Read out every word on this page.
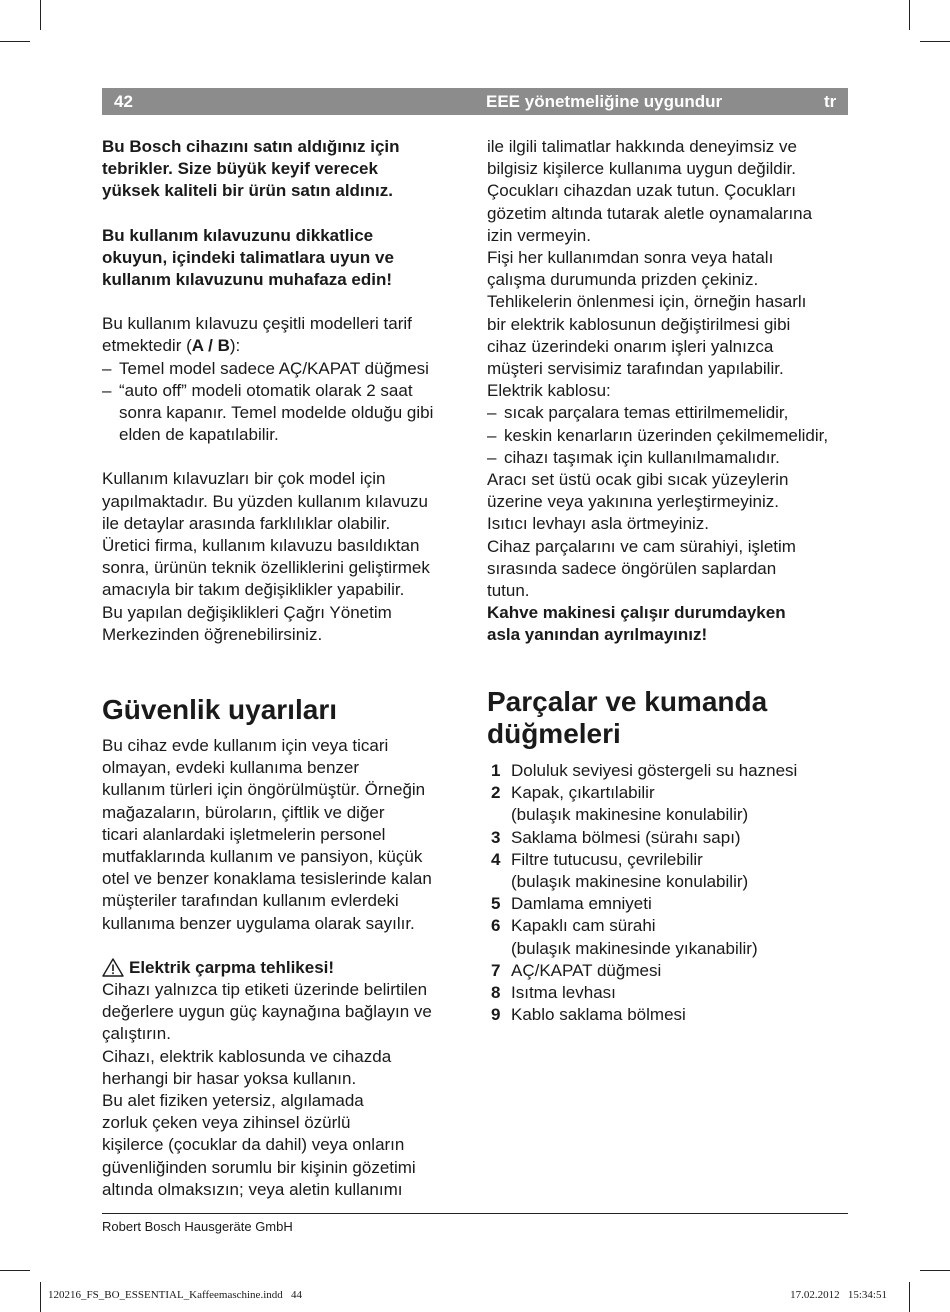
42	EEE yönetmeliğine uygundur	tr

Bu Bosch cihazını satın aldığınız için

tebrikler. Size büyük keyif verecek

yüksek kaliteli bir ürün satın aldınız.

Bu kullanım kılavuzunu dikkatlice

okuyun, içindeki talimatlara uyun ve

kullanım kılavuzunu muhafaza edin!

Bu kullanım kılavuzu çeşitli modelleri tarif

etmektedir (A / B):

– Temel model sadece AÇ/KAPAT düğmesi

– “auto off” modeli otomatik olarak 2 saat

sonra kapanır. Temel modelde olduğu gibi

elden de kapatılabilir.

Kullanım kılavuzları bir çok model için

yapılmaktadır. Bu yüzden kullanım kılavuzu

ile detaylar arasında farklılıklar olabilir.

Üretici firma, kullanım kılavuzu basıldıktan

sonra, ürünün teknik özelliklerini geliştirmek

amacıyla bir takım değişiklikler yapabilir.

Bu yapılan değişiklikleri Çağrı Yönetim

Merkezinden öğrenebilirsiniz.

Güvenlik uyarıları

Bu cihaz evde kullanım için veya ticari

olmayan, evdeki kullanıma benzer

kullanım türleri için öngörülmüştür. Örneğin

mağazaların, büroların, çiftlik ve diğer

ticari alanlardaki işletmelerin personel

mutfaklarında kullanım ve pansiyon, küçük

otel ve benzer konaklama tesislerinde kalan

müşteriler tarafından kullanım evlerdeki

kullanıma benzer uygulama olarak sayılır.

Elektrik çarpma tehlikesi!

Cihazı yalnızca tip etiketi üzerinde belirtilen

değerlere uygun güç kaynağına bağlayın ve

çalıştırın.

Cihazı, elektrik kablosunda ve cihazda

herhangi bir hasar yoksa kullanın.

Bu alet fiziken yetersiz, algılamada

zorluk çeken veya zihinsel özürlü

kişilerce (çocuklar da dahil) veya onların

güvenliğinden sorumlu bir kişinin gözetimi

altında olmaksızın; veya aletin kullanımı

ile ilgili talimatlar hakkında deneyimsiz ve

bilgisiz kişilerce kullanıma uygun değildir.

Çocukları cihazdan uzak tutun. Çocukları

gözetim altında tutarak aletle oynamalarına

izin vermeyin.

Fişi her kullanımdan sonra veya hatalı

çalışma durumunda prizden çekiniz.

Tehlikelerin önlenmesi için, örneğin hasarlı

bir elektrik kablosunun değiştirilmesi gibi

cihaz üzerindeki onarım işleri yalnızca

müşteri servisimiz tarafından yapılabilir.

Elektrik kablosu:

– sıcak parçalara temas ettirilmemelidir,

– keskin kenarların üzerinden çekilmemelidir,

– cihazı taşımak için kullanılmamalıdır.

Aracı set üstü ocak gibi sıcak yüzeylerin

üzerine veya yakınına yerleştirmeyiniz.

Isıtıcı levhayı asla örtmeyiniz.

Cihaz parçalarını ve cam sürahiyi, işletim

sırasında sadece öngörülen saplardan

tutun.

Kahve makinesi çalışır durumdayken

asla yanından ayrılmayınız!

Parçalar ve kumanda
düğmeleri
1 Doluluk seviyesi göstergeli su haznesi

2 Kapak, çıkartılabilir

(bulaşık makinesine konulabilir)

3 Saklama bölmesi (sürahı sapı)

4 Filtre tutucusu, çevrilebilir

(bulaşık makinesine konulabilir)

5 Damlama emniyeti

6 Kapaklı cam sürahi

(bulaşık makinesinde yıkanabilir)

7 AÇ/KAPAT düğmesi

8 Isıtma levhası

9 Kablo saklama bölmesi

Robert Bosch Hausgeräte GmbH
120216_FS_BO_ESSENTIAL_Kaffeemaschine.indd   44	17.02.2012   15:34:51
